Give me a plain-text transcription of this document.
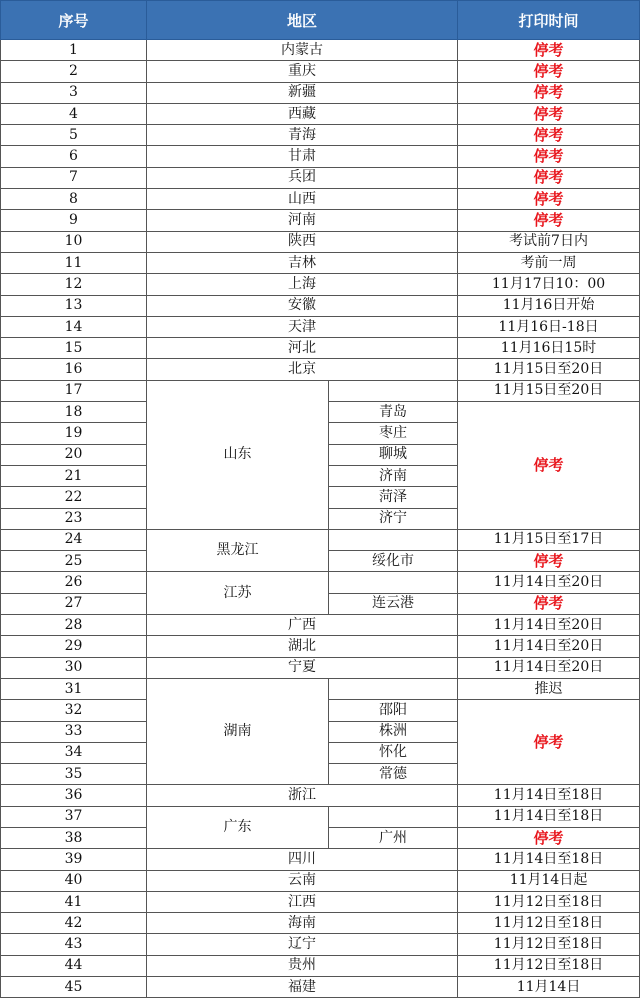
序号	地区		打印时间
1	内蒙古		停考
2	重庆		停考
3	新疆		停考
4	西藏		停考
5	青海		停考
6	甘肃		停考
7	兵团		停考
8	山西		停考
9	河南		停考
10	陕西		考试前7日内
11	吉林		考前一周
12	上海		11月17日10：00
13	安徽		11月16日开始
14	天津		11月16日-18日
15	河北		11月16日15时
16	北京		11月15日至20日
17	山东		11月15日至20日
18		青岛	停考
19		枣庄	
20		聊城	
21		济南	
22		菏泽	
23		济宁	
24	黑龙江		11月15日至17日
25		绥化市	停考
26	江苏		11月14日至20日
27		连云港	停考
28	广西		11月14日至20日
29	湖北		11月14日至20日
30	宁夏		11月14日至20日
31	湖南		推迟
32		邵阳	停考
33		株洲	
34		怀化	
35		常德	
36	浙江		11月14日至18日
37	广东		11月14日至18日
38		广州	停考
39	四川		11月14日至18日
40	云南		11月14日起
41	江西		11月12日至18日
42	海南		11月12日至18日
43	辽宁		11月12日至18日
44	贵州		11月12日至18日
45	福建		11月14日
